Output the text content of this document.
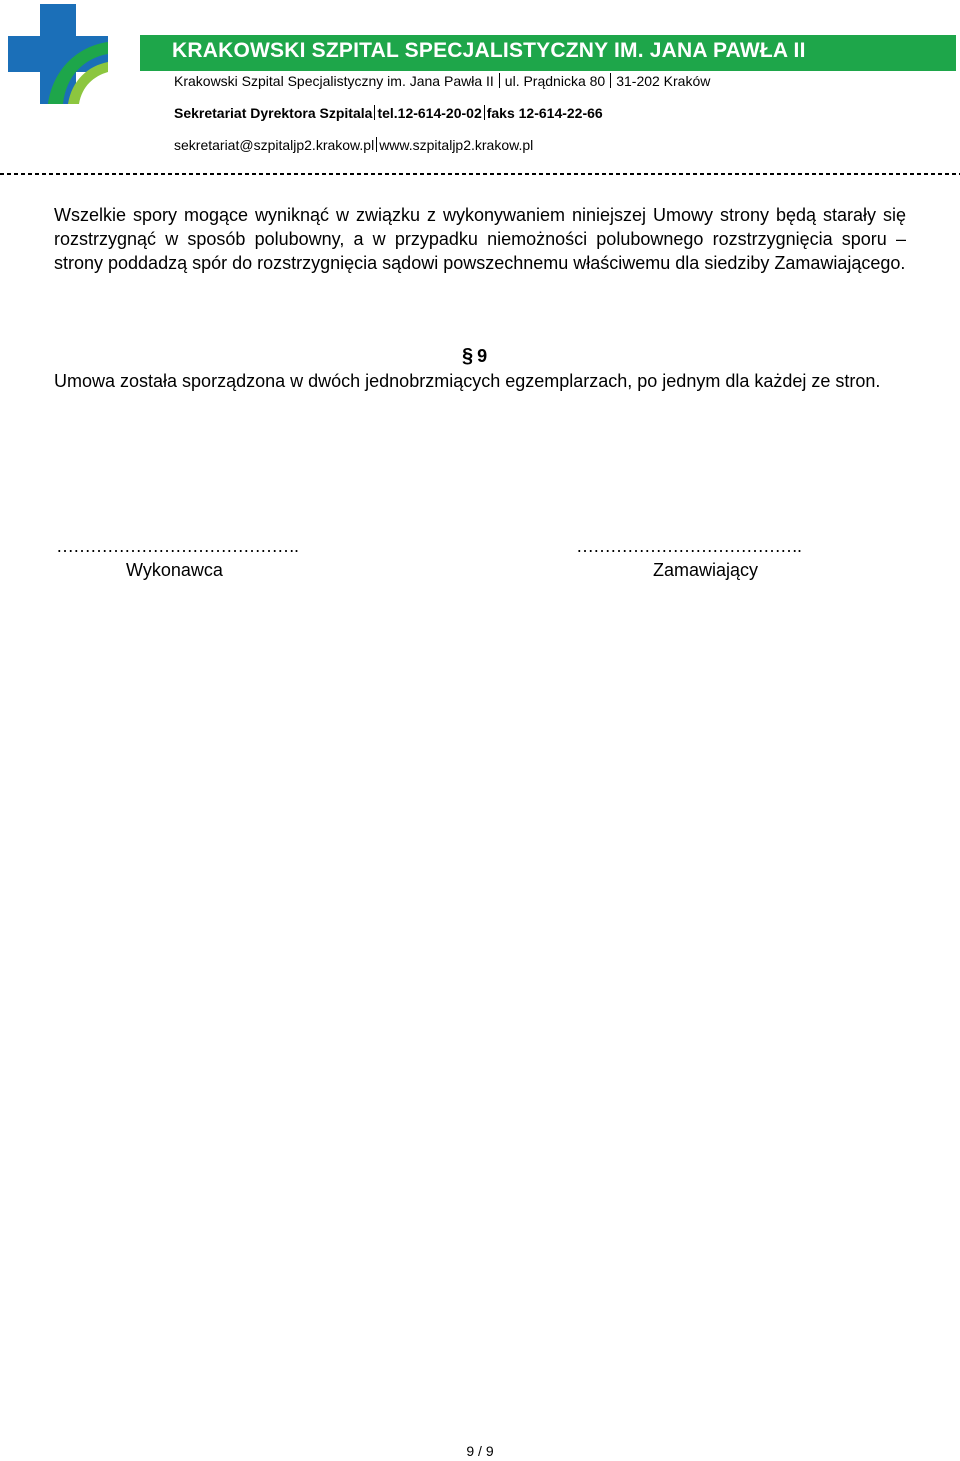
KRAKOWSKI SZPITAL SPECJALISTYCZNY IM. JANA PAWŁA II
Krakowski Szpital Specjalistyczny im. Jana Pawła II ul. Prądnicka 80 31-202 Kraków
Sekretariat Dyrektora Szpitala tel.12-614-20-02 faks 12-614-22-66
sekretariat@szpitaljp2.krakow.pl www.szpitaljp2.krakow.pl
Wszelkie spory mogące wyniknąć w związku z wykonywaniem niniejszej Umowy strony będą starały się rozstrzygnąć w sposób polubowny, a w przypadku niemożności polubownego rozstrzygnięcia sporu – strony poddadzą spór do rozstrzygnięcia sądowi powszechnemu właściwemu dla siedziby Zamawiającego.
§ 9
Umowa została sporządzona w dwóch jednobrzmiących egzemplarzach, po jednym dla każdej ze stron.
…………………………………….
Wykonawca
………………………………….
Zamawiający
9 / 9
